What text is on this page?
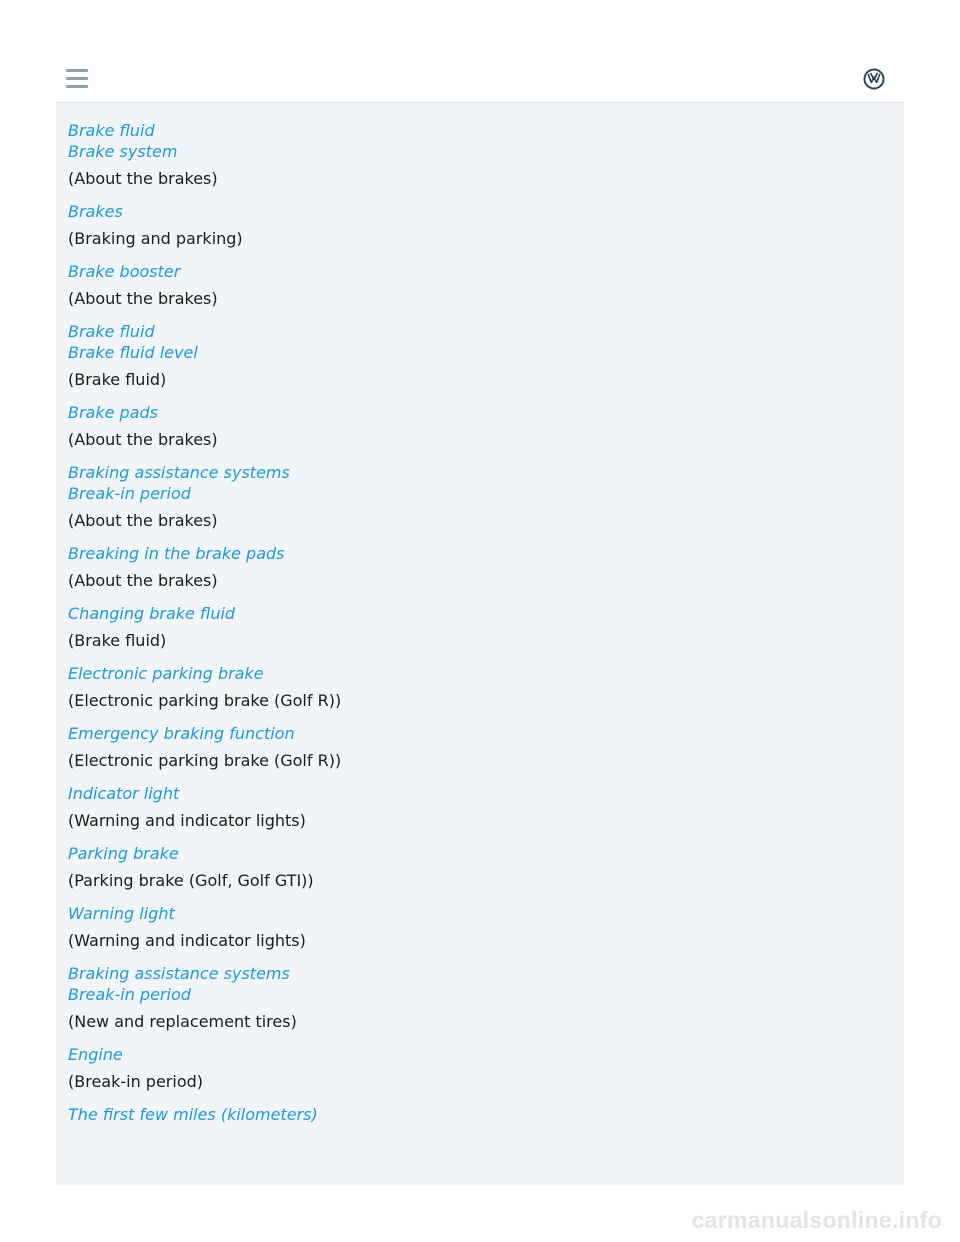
Brake fluid
Brake system
(About the brakes)
Brakes
(Braking and parking)
Brake booster
(About the brakes)
Brake fluid
Brake fluid level
(Brake fluid)
Brake pads
(About the brakes)
Braking assistance systems
Break-in period
(About the brakes)
Breaking in the brake pads
(About the brakes)
Changing brake fluid
(Brake fluid)
Electronic parking brake
(Electronic parking brake (Golf R))
Emergency braking function
(Electronic parking brake (Golf R))
Indicator light
(Warning and indicator lights)
Parking brake
(Parking brake (Golf, Golf GTI))
Warning light
(Warning and indicator lights)
Braking assistance systems
Break-in period
(New and replacement tires)
Engine
(Break-in period)
The first few miles (kilometers)
carmanualsonline.info
